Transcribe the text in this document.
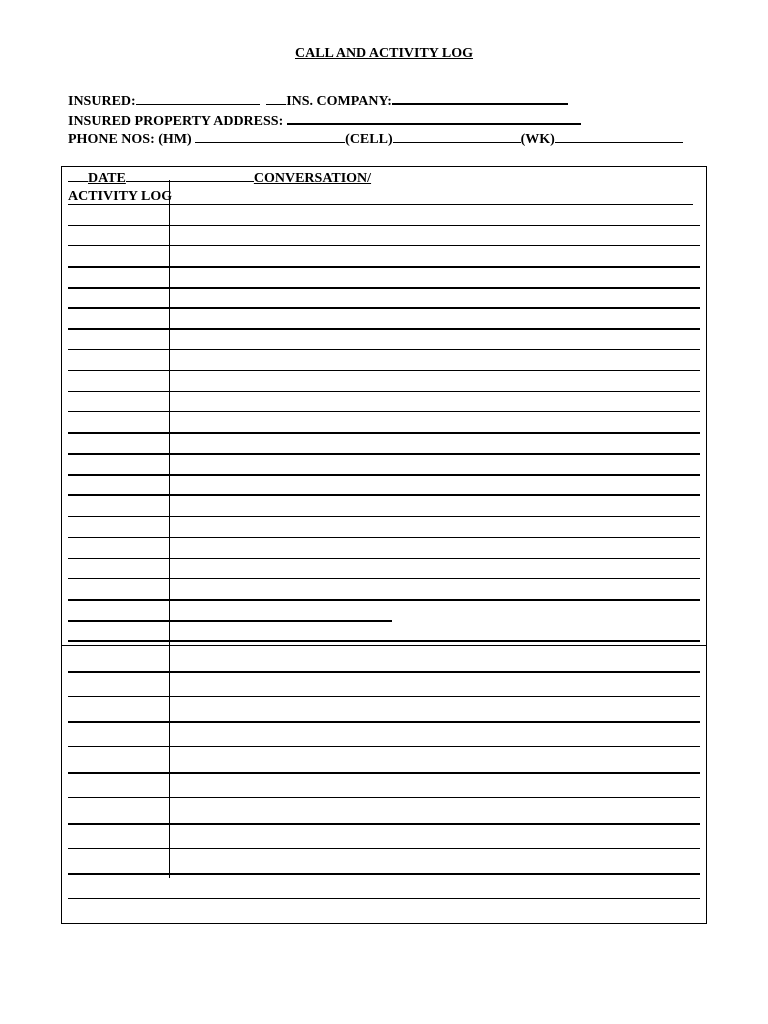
CALL AND ACTIVITY LOG
INSURED:	INS. COMPANY:
INSURED PROPERTY ADDRESS:
PHONE NOS: (HM)	(CELL)	(WK)
DATE	CONVERSATION/
ACTIVITY LOG
